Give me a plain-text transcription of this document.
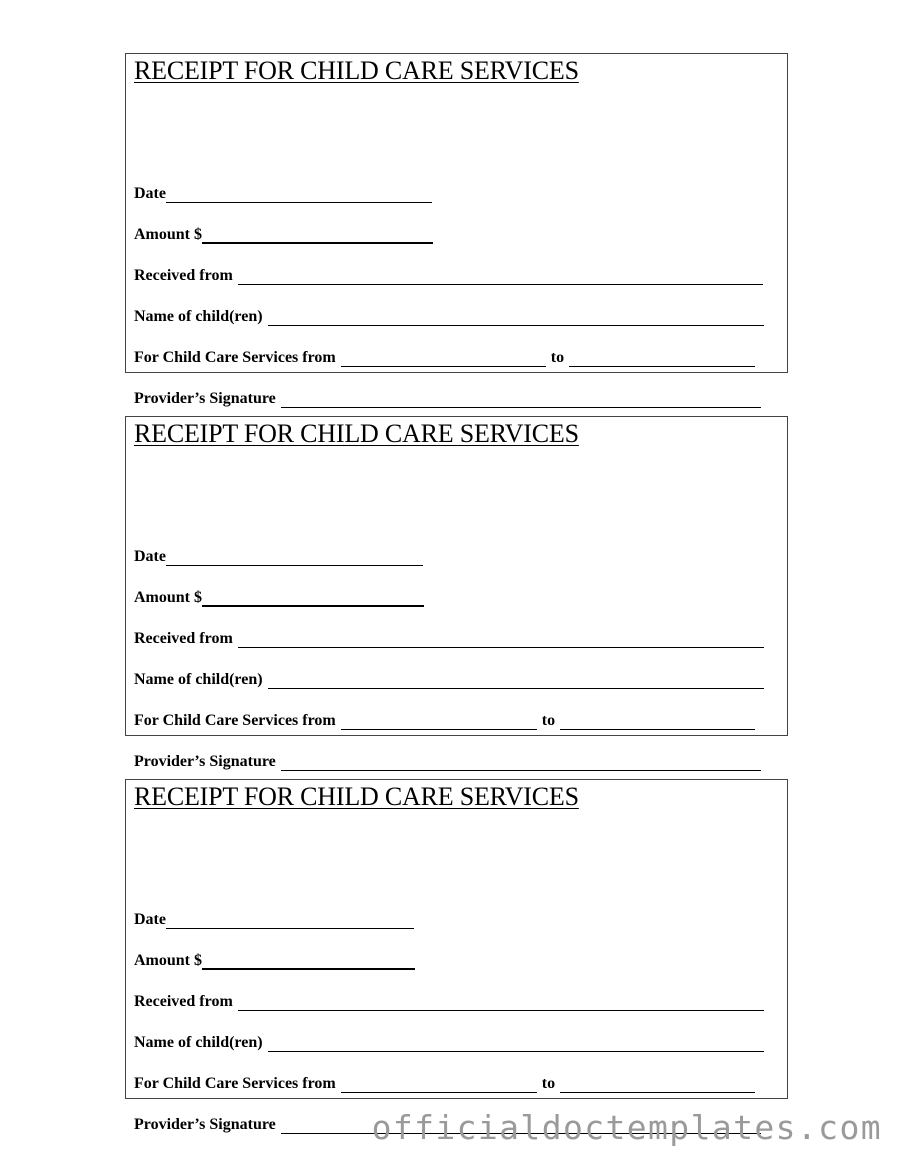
RECEIPT FOR CHILD CARE SERVICES
Date
Amount $
Received from
Name of child(ren)
For Child Care Services from	to
Provider’s Signature
RECEIPT FOR CHILD CARE SERVICES
Date
Amount $
Received from
Name of child(ren)
For Child Care Services from	to
Provider’s Signature
RECEIPT FOR CHILD CARE SERVICES
Date
Amount $
Received from
Name of child(ren)
For Child Care Services from	to
Provider’s Signature	officialdoctemplates.com
